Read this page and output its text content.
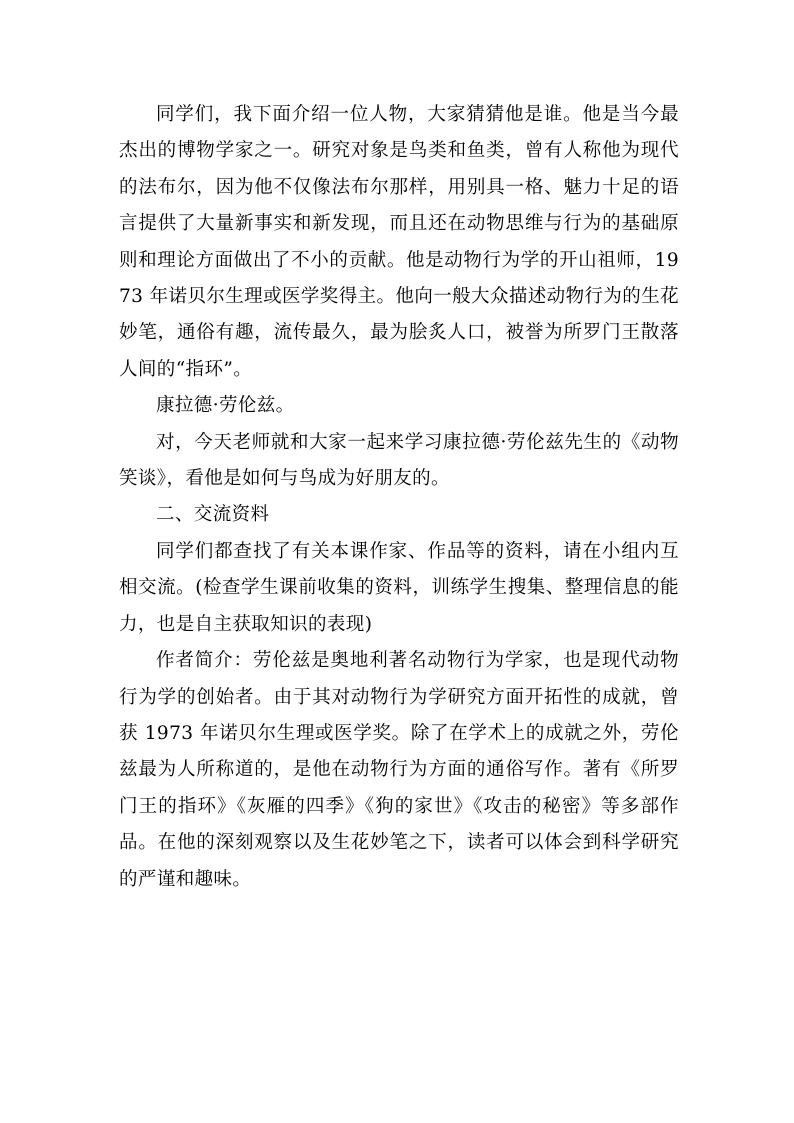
同学们，我下面介绍一位人物，大家猜猜他是谁。他是当今最杰出的博物学家之一。研究对象是鸟类和鱼类，曾有人称他为现代的法布尔，因为他不仅像法布尔那样，用别具一格、魅力十足的语言提供了大量新事实和新发现，而且还在动物思维与行为的基础原则和理论方面做出了不小的贡献。他是动物行为学的开山祖师，1973 年诺贝尔生理或医学奖得主。他向一般大众描述动物行为的生花妙笔，通俗有趣，流传最久，最为脍炙人口，被誉为所罗门王散落人间的“指环”。

康拉德·劳伦兹。

对，今天老师就和大家一起来学习康拉德·劳伦兹先生的《动物笑谈》，看他是如何与鸟成为好朋友的。

二、交流资料

同学们都查找了有关本课作家、作品等的资料，请在小组内互相交流。(检查学生课前收集的资料，训练学生搜集、整理信息的能力，也是自主获取知识的表现)

作者简介：劳伦兹是奥地利著名动物行为学家，也是现代动物行为学的创始者。由于其对动物行为学研究方面开拓性的成就，曾获 1973 年诺贝尔生理或医学奖。除了在学术上的成就之外，劳伦兹最为人所称道的，是他在动物行为方面的通俗写作。著有《所罗门王的指环》《灰雁的四季》《狗的家世》《攻击的秘密》等多部作品。在他的深刻观察以及生花妙笔之下，读者可以体会到科学研究的严谨和趣味。
